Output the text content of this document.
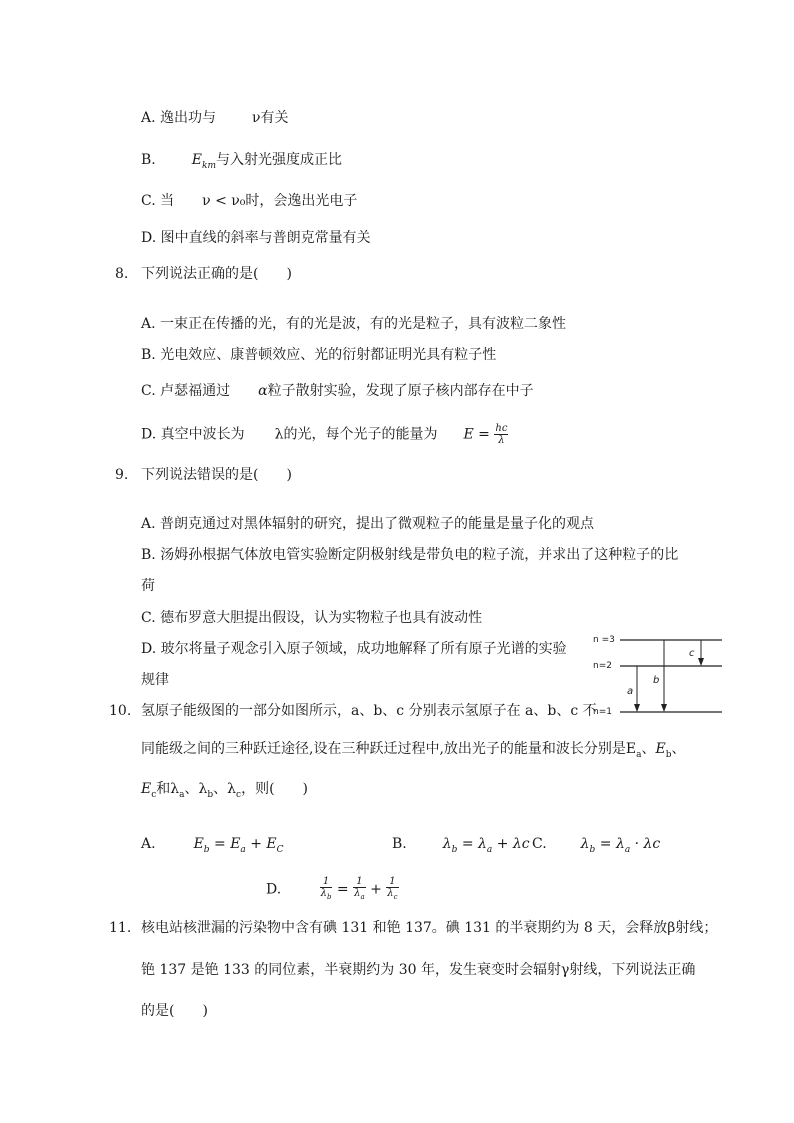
A. 逸出功与	ν有关
B.	$E_{km}$与入射光强度成正比
C. 当 ν < ν₀时，会逸出光电子
D. 图中直线的斜率与普朗克常量有关
8. 下列说法正确的是(　　)
A. 一束正在传播的光，有的光是波，有的光是粒子，具有波粒二象性
B. 光电效应、康普顿效应、光的衍射都证明光具有粒子性
C. 卢瑟福通过 α粒子散射实验，发现了原子核内部存在中子
D. 真空中波长为 λ的光，每个光子的能量为 $E = \frac{hc}{\lambda}$
9. 下列说法错误的是(　　)
A. 普朗克通过对黑体辐射的研究，提出了微观粒子的能量是量子化的观点
B. 汤姆孙根据气体放电管实验断定阴极射线是带负电的粒子流，并求出了这种粒子的比
荷
C. 德布罗意大胆提出假设，认为实物粒子也具有波动性
D. 玻尔将量子观念引入原子领域，成功地解释了所有原子光谱的实验
规律
n =3
n=2
n=1
a
b
c
10. 氢原子能级图的一部分如图所示，a、b、c 分别表示氢原子在 a、b、c 不
同能级之间的三种跃迁途径,设在三种跃迁过程中,放出光子的能量和波长分别是$E_a$、$E_b$、
$E_c$和$\lambda_a$、$\lambda_b$、$\lambda_c$，则(　　)
A.	$E_b = E_a + E_C$	B.	$\lambda_b = \lambda_a + \lambda c$ C. $\lambda_b = \lambda_a \cdot \lambda c$
D.	$\frac{1}{\lambda_b} = \frac{1}{\lambda_a} + \frac{1}{\lambda_c}$
11. 核电站核泄漏的污染物中含有碘 131 和铯 137。碘 131 的半衰期约为 8 天，会释放β射线；
铯 137 是铯 133 的同位素，半衰期约为 30 年，发生衰变时会辐射γ射线，下列说法正确
的是(　　)
